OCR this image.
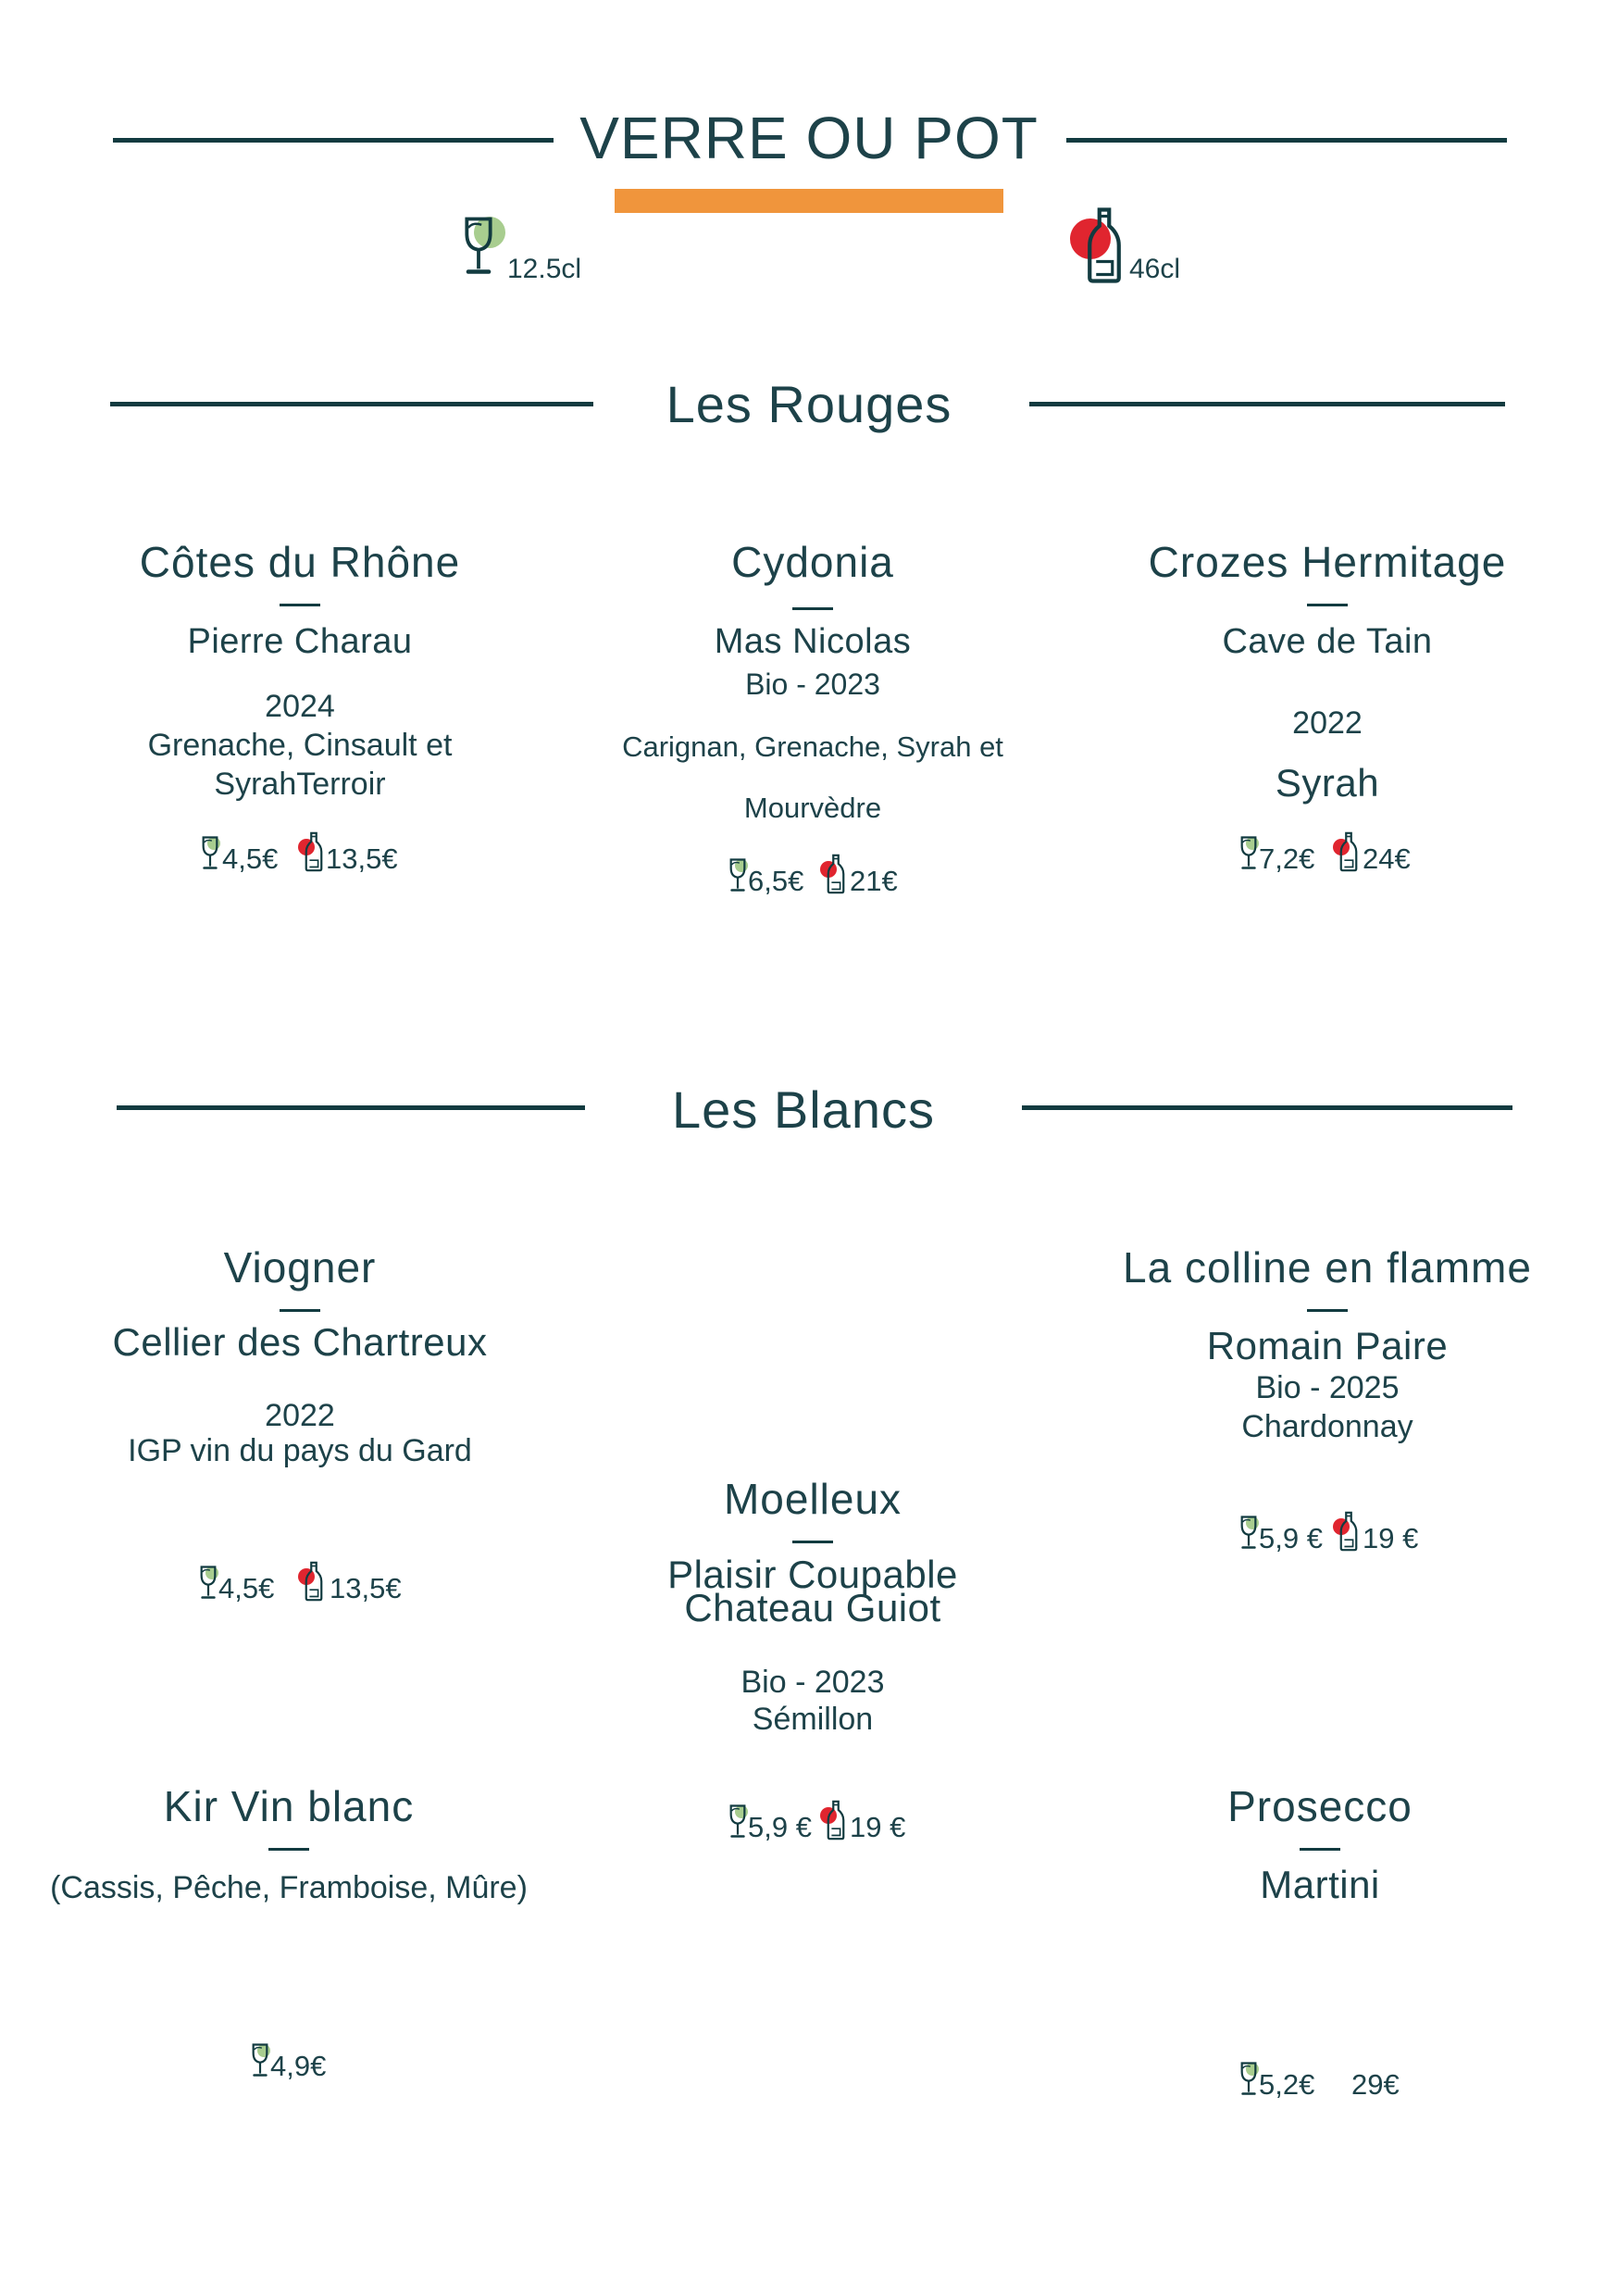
VERRE OU POT
12.5cl	46cl
Les Rouges
Côtes du Rhône
Pierre Charau
2024
Grenache, Cinsault et
SyrahTerroir
4,5€ 13,5€
Cydonia
Mas Nicolas
Bio - 2023
Carignan, Grenache, Syrah et
Mourvèdre
6,5€ 21€
Crozes Hermitage
Cave de Tain
2022
Syrah
7,2€ 24€
Les Blancs
Viogner
Cellier des Chartreux
2022
IGP vin du pays du Gard
4,5€ 13,5€
Moelleux
Plaisir Coupable
Chateau Guiot
Bio - 2023
Sémillon
5,9 € 19 €
La colline en flamme
Romain Paire
Bio - 2025
Chardonnay
5,9 € 19 €
Kir Vin blanc
(Cassis, Pêche, Framboise, Mûre)
4,9€
Prosecco
Martini
5,2€ 29€
